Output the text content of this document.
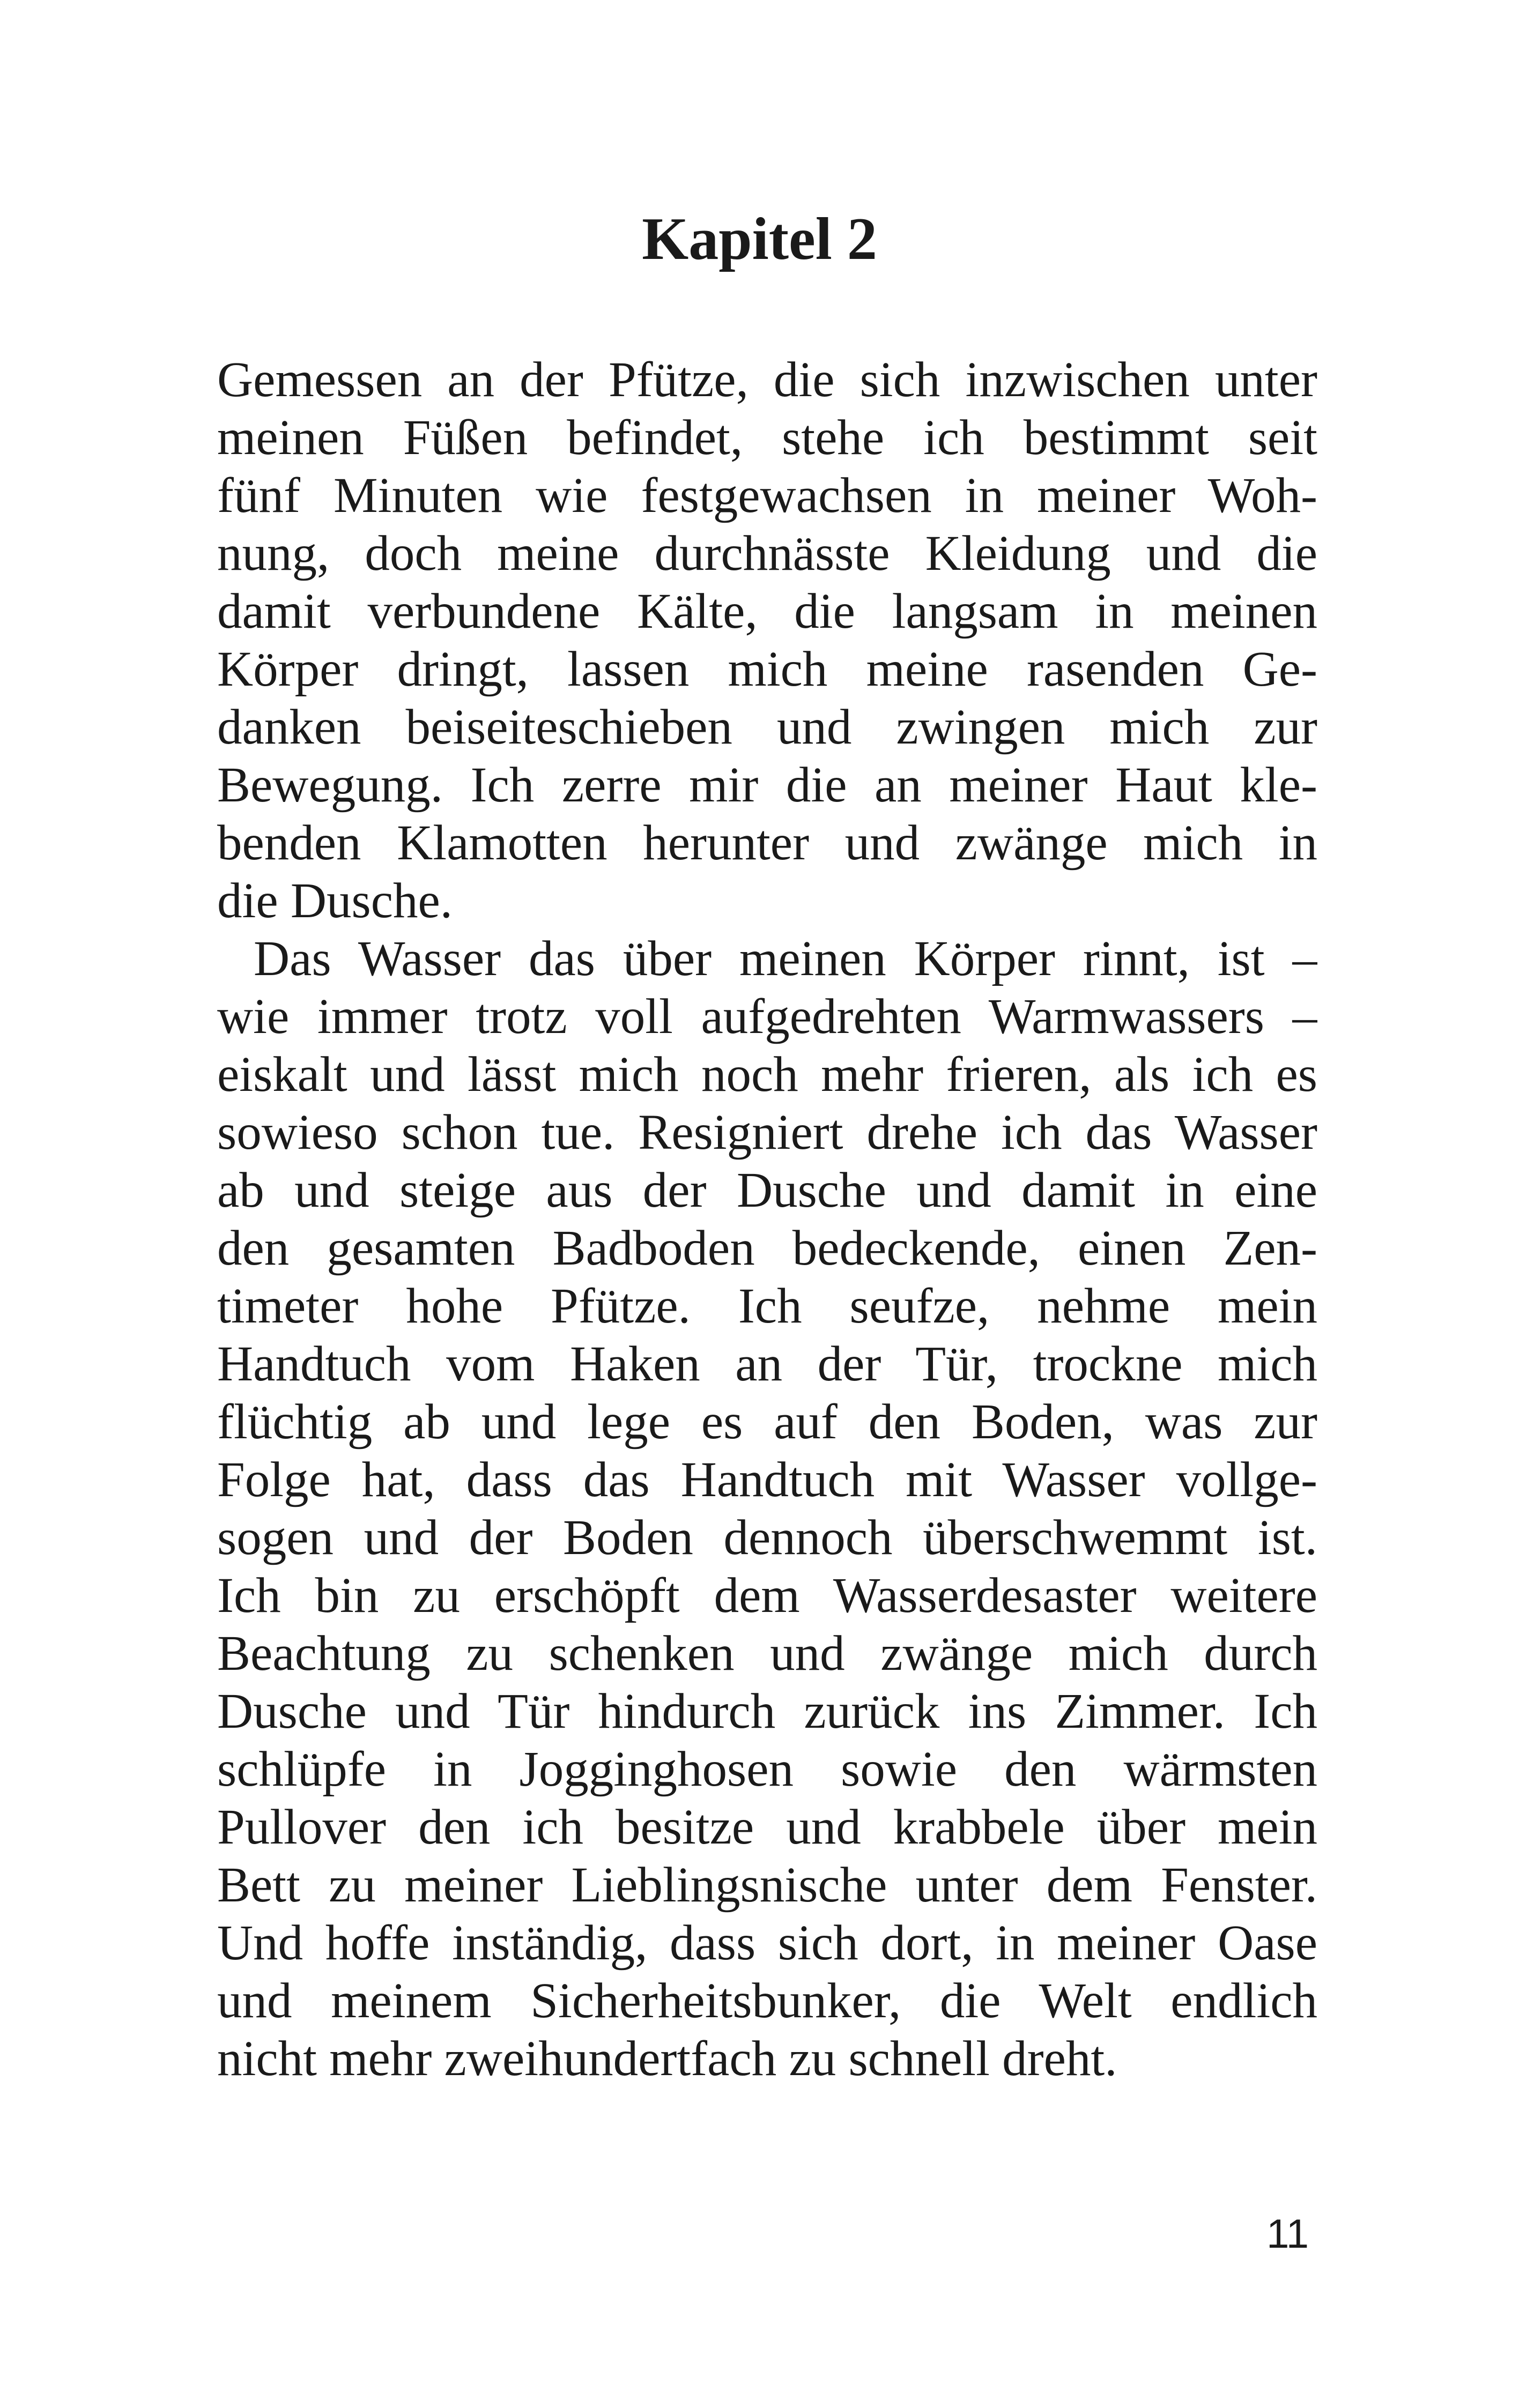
Kapitel 2
Gemessen an der Pfütze, die sich inzwischen unter
meinen Füßen befindet, stehe ich bestimmt seit
fünf Minuten wie festgewachsen in meiner Woh-
nung, doch meine durchnässte Kleidung und die
damit verbundene Kälte, die langsam in meinen
Körper dringt, lassen mich meine rasenden Ge-
danken beiseiteschieben und zwingen mich zur
Bewegung. Ich zerre mir die an meiner Haut kle-
benden Klamotten herunter und zwänge mich in
die Dusche.
Das Wasser das über meinen Körper rinnt, ist –
wie immer trotz voll aufgedrehten Warmwassers –
eiskalt und lässt mich noch mehr frieren, als ich es
sowieso schon tue. Resigniert drehe ich das Wasser
ab und steige aus der Dusche und damit in eine
den gesamten Badboden bedeckende, einen Zen-
timeter hohe Pfütze. Ich seufze, nehme mein
Handtuch vom Haken an der Tür, trockne mich
flüchtig ab und lege es auf den Boden, was zur
Folge hat, dass das Handtuch mit Wasser vollge-
sogen und der Boden dennoch überschwemmt ist.
Ich bin zu erschöpft dem Wasserdesaster weitere
Beachtung zu schenken und zwänge mich durch
Dusche und Tür hindurch zurück ins Zimmer. Ich
schlüpfe in Jogginghosen sowie den wärmsten
Pullover den ich besitze und krabbele über mein
Bett zu meiner Lieblingsnische unter dem Fenster.
Und hoffe inständig, dass sich dort, in meiner Oase
und meinem Sicherheitsbunker, die Welt endlich
nicht mehr zweihundertfach zu schnell dreht.
11
